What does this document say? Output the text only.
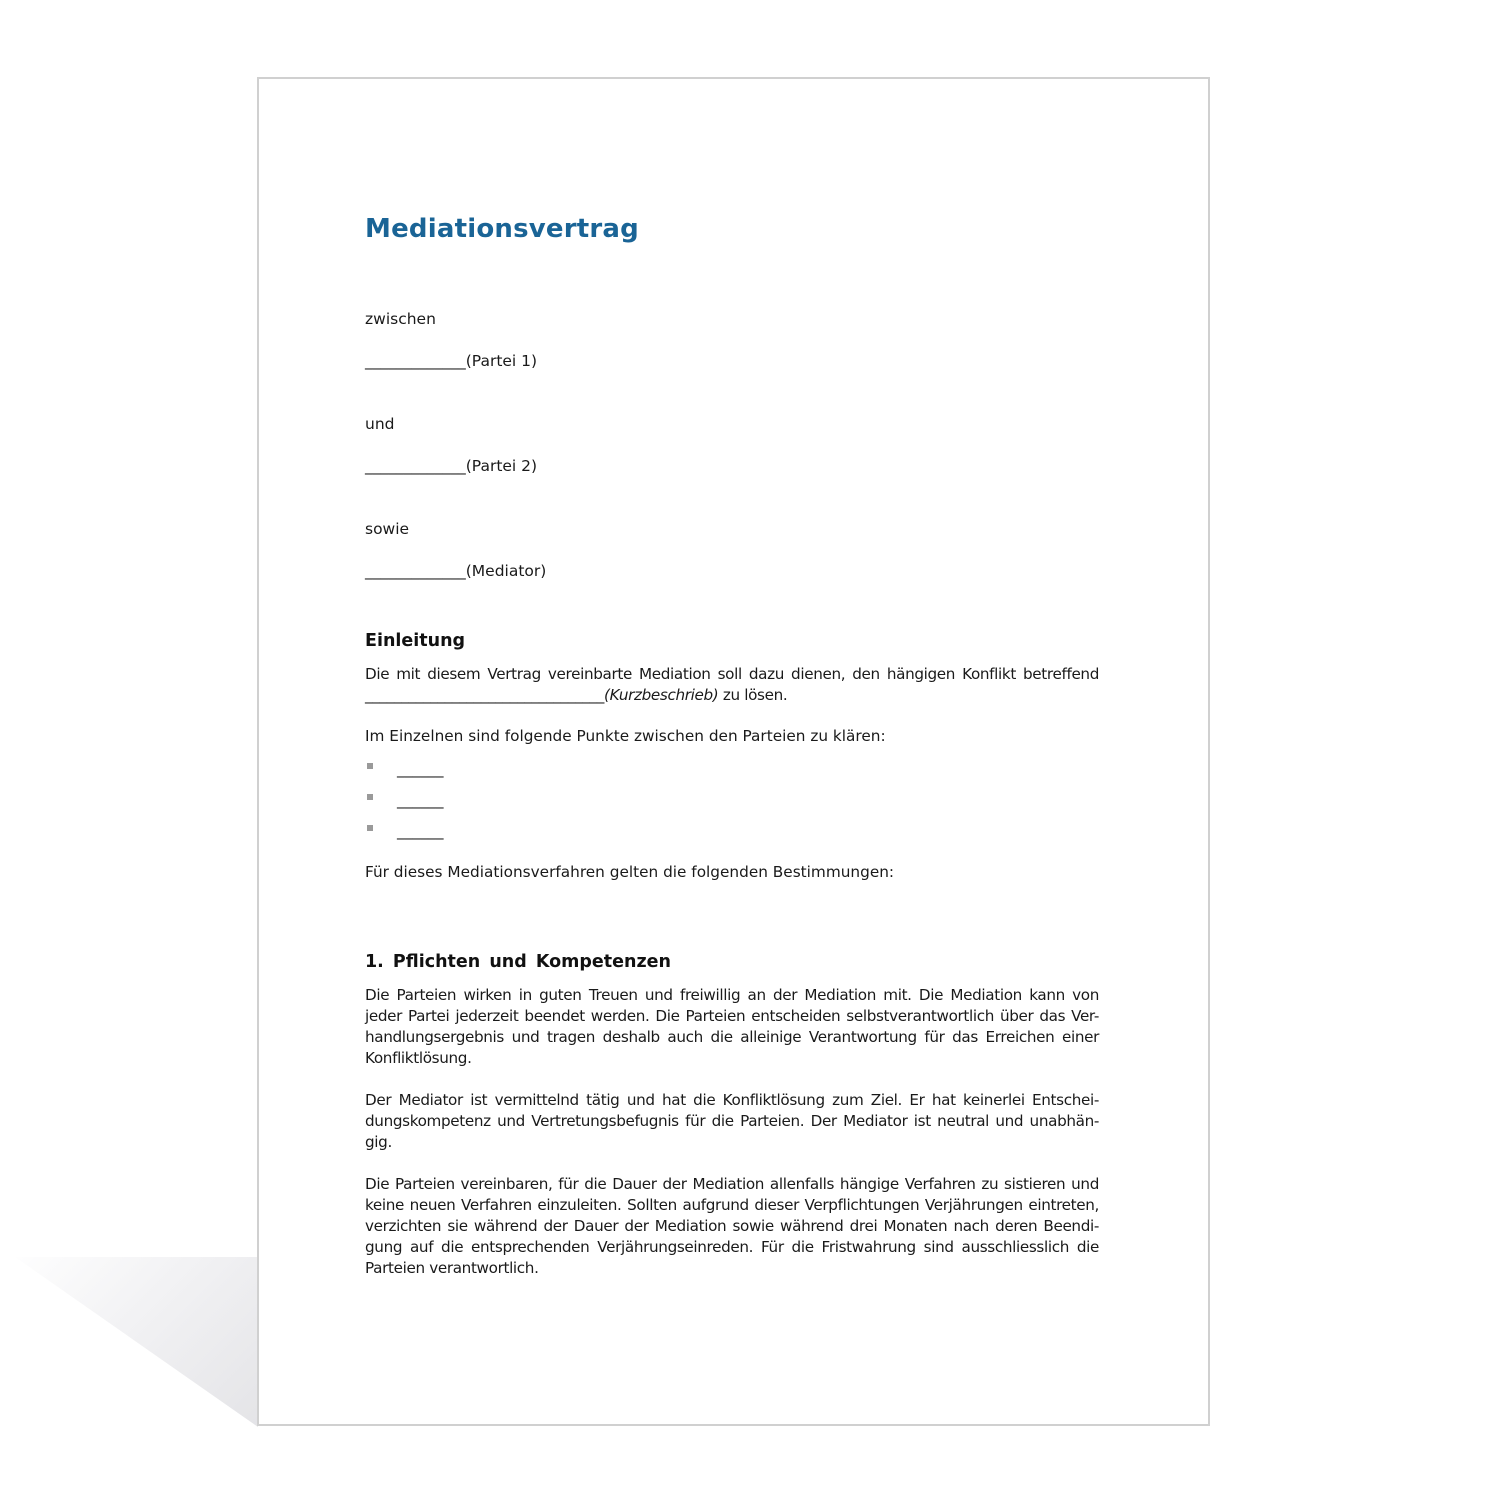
Mediationsvertrag
zwischen
_____________(Partei 1)
und
_____________(Partei 2)
sowie
_____________(Mediator)
Einleitung
Die mit diesem Vertrag vereinbarte Mediation soll dazu dienen, den hängigen Konflikt betreffend
_________________________________(Kurzbeschrieb) zu lösen.
Im Einzelnen sind folgende Punkte zwischen den Parteien zu klären:
______
______
______
Für dieses Mediationsverfahren gelten die folgenden Bestimmungen:
1. Pflichten und Kompetenzen
Die Parteien wirken in guten Treuen und freiwillig an der Mediation mit. Die Mediation kann von
jeder Partei jederzeit beendet werden. Die Parteien entscheiden selbstverantwortlich über das Ver-
handlungsergebnis und tragen deshalb auch die alleinige Verantwortung für das Erreichen einer
Konfliktlösung.
Der Mediator ist vermittelnd tätig und hat die Konfliktlösung zum Ziel. Er hat keinerlei Entschei-
dungskompetenz und Vertretungsbefugnis für die Parteien. Der Mediator ist neutral und unabhän-
gig.
Die Parteien vereinbaren, für die Dauer der Mediation allenfalls hängige Verfahren zu sistieren und
keine neuen Verfahren einzuleiten. Sollten aufgrund dieser Verpflichtungen Verjährungen eintreten,
verzichten sie während der Dauer der Mediation sowie während drei Monaten nach deren Beendi-
gung auf die entsprechenden Verjährungseinreden. Für die Fristwahrung sind ausschliesslich die
Parteien verantwortlich.
